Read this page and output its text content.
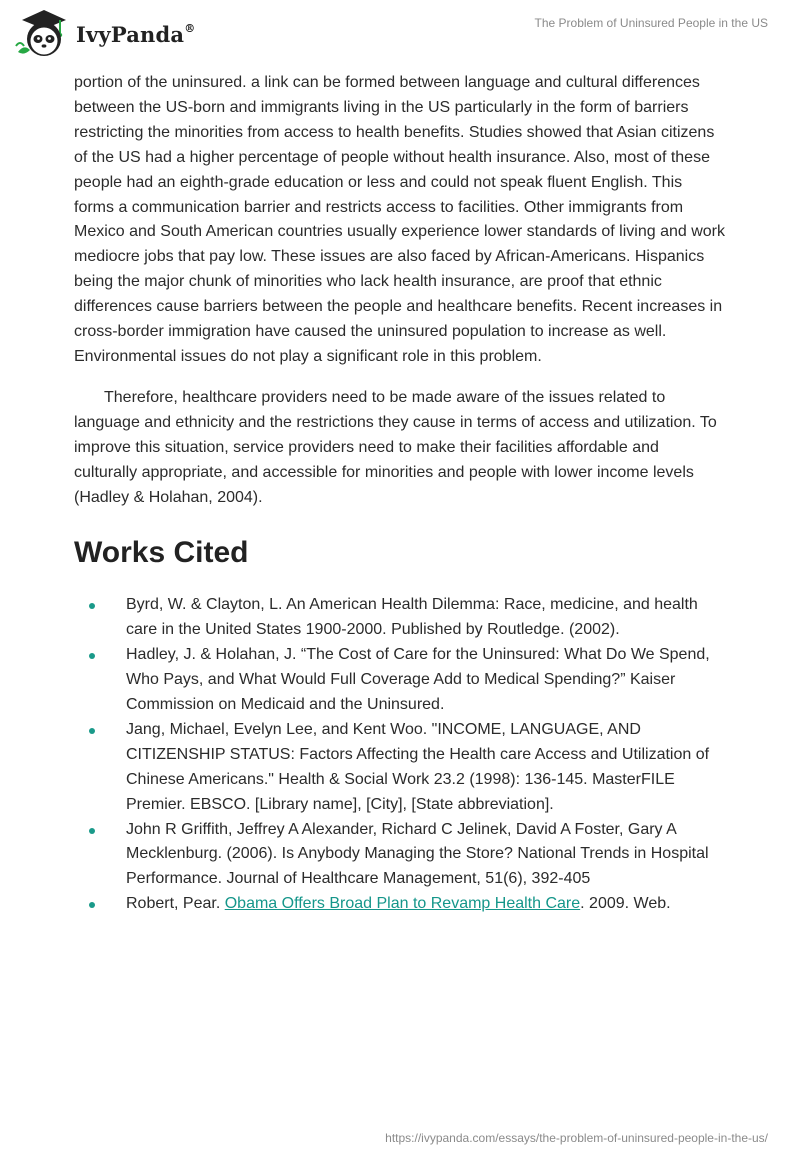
IvyPanda®	The Problem of Uninsured People in the US

portion of the uninsured. a link can be formed between language and cultural differences between the US-born and immigrants living in the US particularly in the form of barriers restricting the minorities from access to health benefits. Studies showed that Asian citizens of the US had a higher percentage of people without health insurance. Also, most of these people had an eighth-grade education or less and could not speak fluent English. This forms a communication barrier and restricts access to facilities. Other immigrants from Mexico and South American countries usually experience lower standards of living and work mediocre jobs that pay low. These issues are also faced by African-Americans. Hispanics being the major chunk of minorities who lack health insurance, are proof that ethnic differences cause barriers between the people and healthcare benefits. Recent increases in cross-border immigration have caused the uninsured population to increase as well. Environmental issues do not play a significant role in this problem.

Therefore, healthcare providers need to be made aware of the issues related to language and ethnicity and the restrictions they cause in terms of access and utilization. To improve this situation, service providers need to make their facilities affordable and culturally appropriate, and accessible for minorities and people with lower income levels (Hadley & Holahan, 2004).

Works Cited
Byrd, W. & Clayton, L. An American Health Dilemma: Race, medicine, and health care in the United States 1900-2000. Published by Routledge. (2002).
Hadley, J. & Holahan, J. “The Cost of Care for the Uninsured: What Do We Spend, Who Pays, and What Would Full Coverage Add to Medical Spending?” Kaiser Commission on Medicaid and the Uninsured.
Jang, Michael, Evelyn Lee, and Kent Woo. "INCOME, LANGUAGE, AND CITIZENSHIP STATUS: Factors Affecting the Health care Access and Utilization of Chinese Americans." Health & Social Work 23.2 (1998): 136-145. MasterFILE Premier. EBSCO. [Library name], [City], [State abbreviation].
John R Griffith, Jeffrey A Alexander, Richard C Jelinek, David A Foster, Gary A Mecklenburg. (2006). Is Anybody Managing the Store? National Trends in Hospital Performance. Journal of Healthcare Management, 51(6), 392-405
Robert, Pear. Obama Offers Broad Plan to Revamp Health Care. 2009. Web.
https://ivypanda.com/essays/the-problem-of-uninsured-people-in-the-us/
